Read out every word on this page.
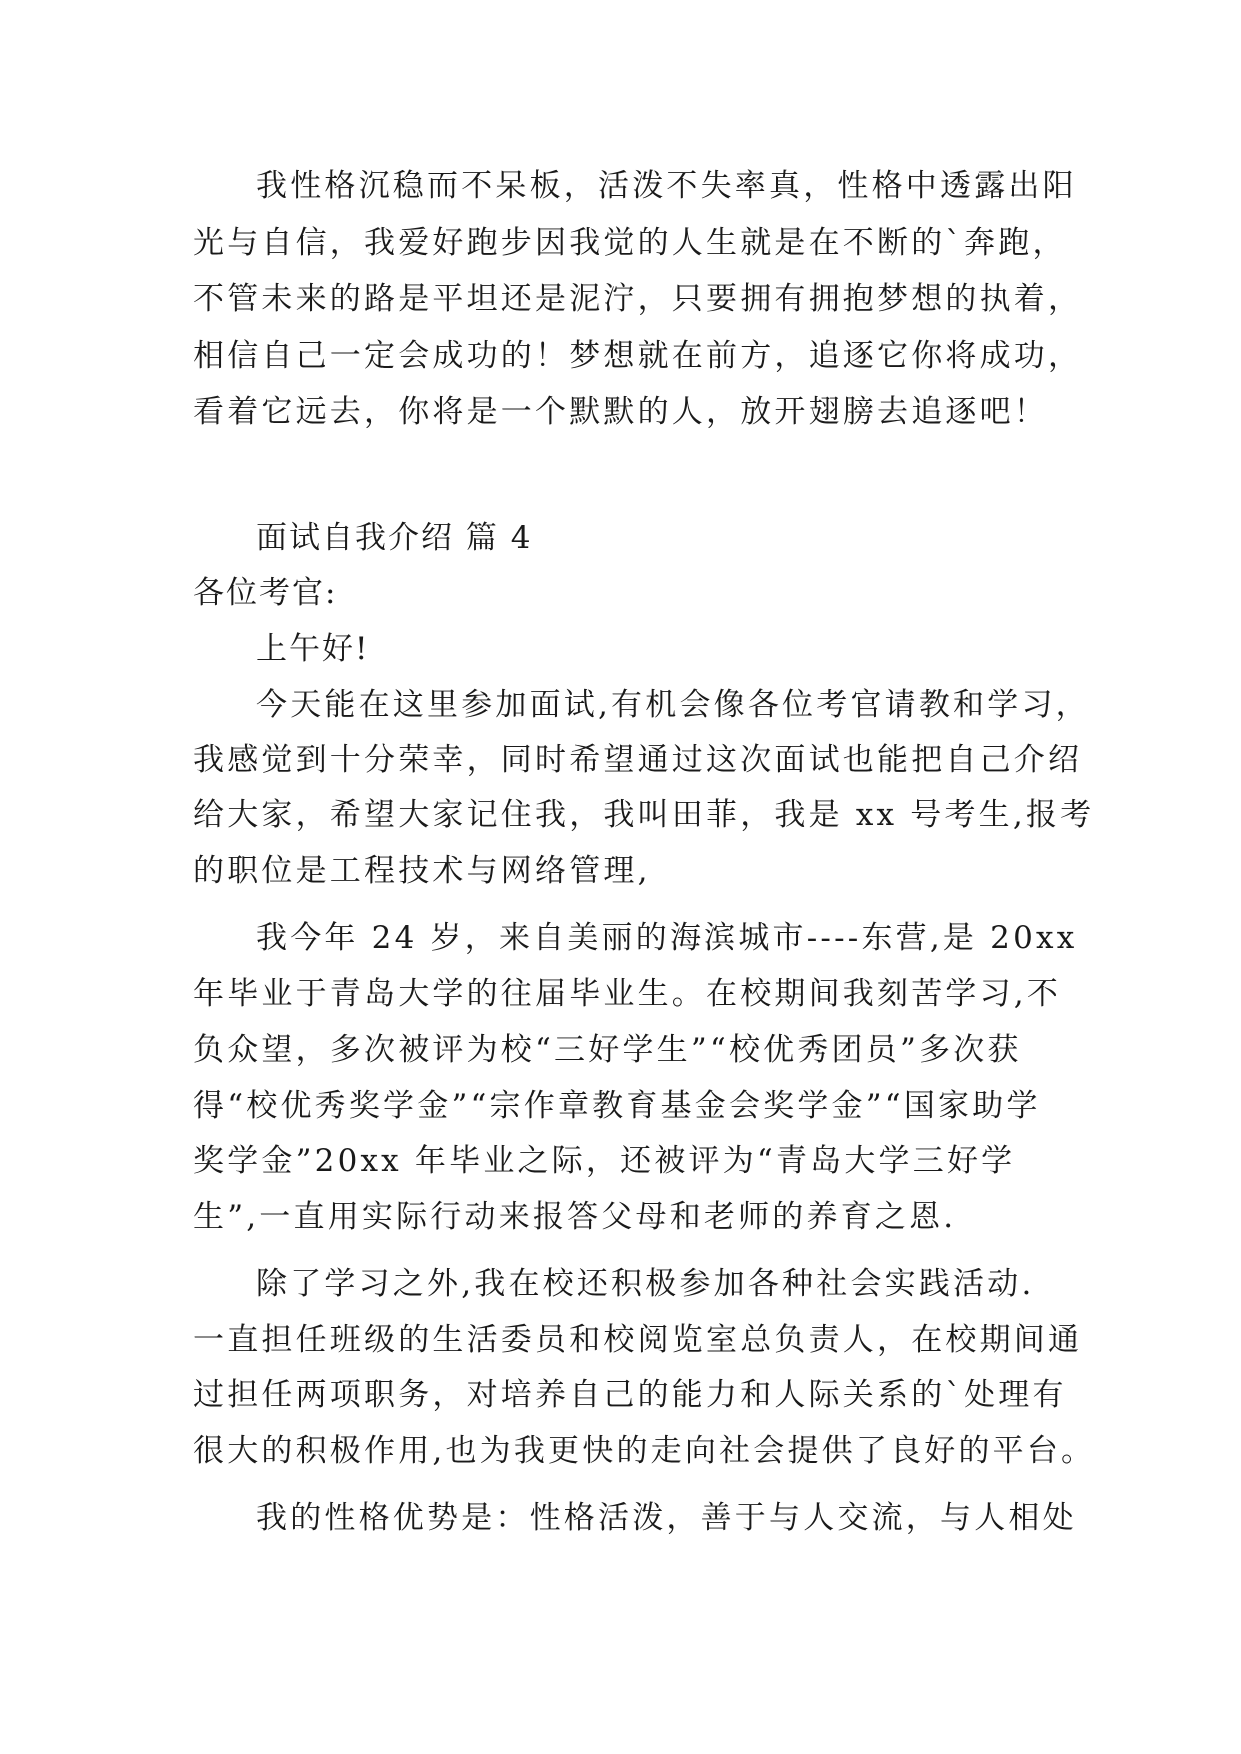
我性格沉稳而不呆板，活泼不失率真，性格中透露出阳
光与自信，我爱好跑步因我觉的人生就是在不断的`奔跑，
不管未来的路是平坦还是泥泞，只要拥有拥抱梦想的执着，
相信自己一定会成功的！梦想就在前方，追逐它你将成功，
看着它远去，你将是一个默默的人，放开翅膀去追逐吧！
面试自我介绍 篇 4
各位考官:
上午好!
今天能在这里参加面试,有机会像各位考官请教和学习，
我感觉到十分荣幸，同时希望通过这次面试也能把自己介绍
给大家，希望大家记住我，我叫田菲，我是 xx 号考生,报考
的职位是工程技术与网络管理,
我今年 24 岁，来自美丽的海滨城市----东营,是 20xx
年毕业于青岛大学的往届毕业生。在校期间我刻苦学习,不
负众望，多次被评为校“三好学生”“校优秀团员”多次获
得“校优秀奖学金”“宗作章教育基金会奖学金”“国家助学
奖学金”20xx 年毕业之际，还被评为“青岛大学三好学
生”,一直用实际行动来报答父母和老师的养育之恩.
除了学习之外,我在校还积极参加各种社会实践活动.
一直担任班级的生活委员和校阅览室总负责人，在校期间通
过担任两项职务，对培养自己的能力和人际关系的`处理有
很大的积极作用,也为我更快的走向社会提供了良好的平台。
我的性格优势是：性格活泼，善于与人交流，与人相处
